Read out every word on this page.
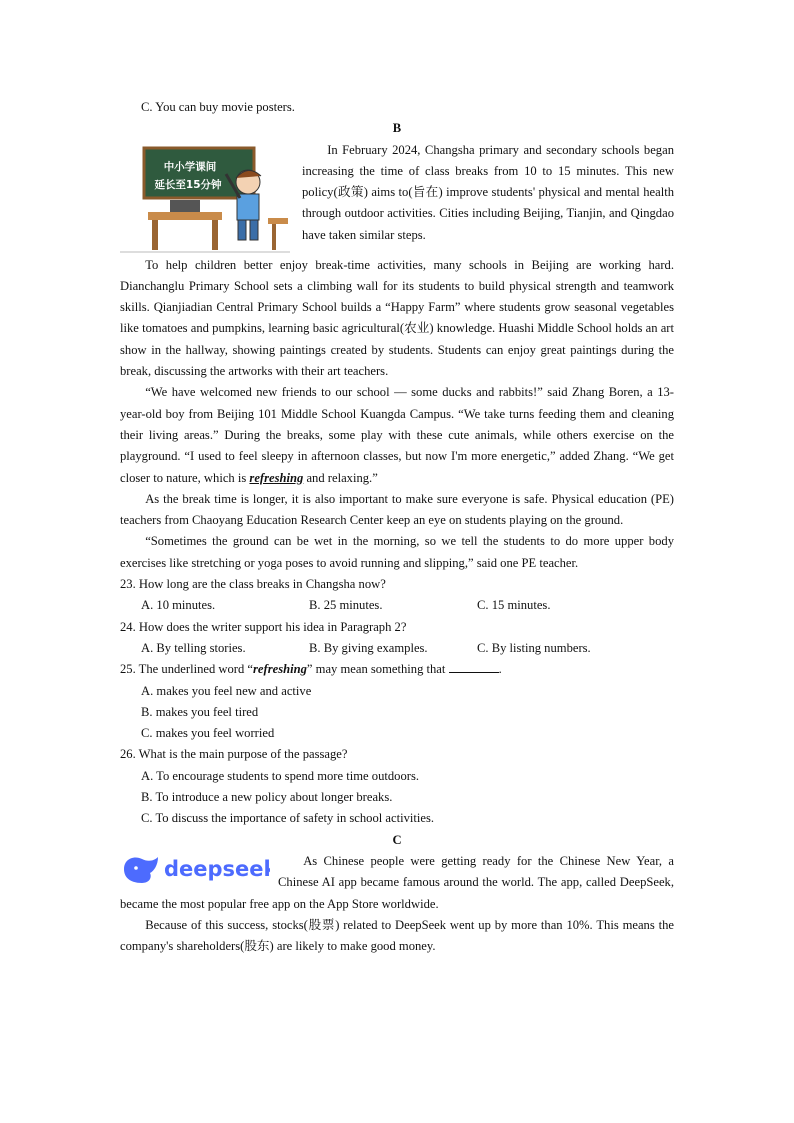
C. You can buy movie posters.

B

中小学课间
延长至15分钟

In February 2024, Changsha primary and secondary schools began increasing the time of class breaks from 10 to 15 minutes. This new policy(政策) aims to(旨在) improve students' physical and mental health through outdoor activities. Cities including Beijing, Tianjin, and Qingdao have taken similar steps.

To help children better enjoy break-time activities, many schools in Beijing are working hard. Dianchanglu Primary School sets a climbing wall for its students to build physical strength and teamwork skills. Qianjiadian Central Primary School builds a “Happy Farm” where students grow seasonal vegetables like tomatoes and pumpkins, learning basic agricultural(农业) knowledge. Huashi Middle School holds an art show in the hallway, showing paintings created by students. Students can enjoy great paintings during the break, discussing the artworks with their art teachers.

“We have welcomed new friends to our school — some ducks and rabbits!” said Zhang Boren, a 13-year-old boy from Beijing 101 Middle School Kuangda Campus. “We take turns feeding them and cleaning their living areas.” During the breaks, some play with these cute animals, while others exercise on the playground. “I used to feel sleepy in afternoon classes, but now I'm more energetic,” added Zhang. “We get closer to nature, which is refreshing and relaxing.”

As the break time is longer, it is also important to make sure everyone is safe. Physical education (PE) teachers from Chaoyang Education Research Center keep an eye on students playing on the ground.

“Sometimes the ground can be wet in the morning, so we tell the students to do more upper body exercises like stretching or yoga poses to avoid running and slipping,” said one PE teacher.

23. How long are the class breaks in Changsha now?

A. 10 minutes.	B. 25 minutes.	C. 15 minutes.

24. How does the writer support his idea in Paragraph 2?

A. By telling stories.	B. By giving examples.	C. By listing numbers.

25. The underlined word “refreshing” may mean something that	.

A. makes you feel new and active

B. makes you feel tired

C. makes you feel worried

26. What is the main purpose of the passage?

A. To encourage students to spend more time outdoors.

B. To introduce a new policy about longer breaks.

C. To discuss the importance of safety in school activities.

C

deepseek	As Chinese people were getting ready for the Chinese New Year, a Chinese AI app became famous around the world. The app, called DeepSeek, became the most popular free app on the App Store worldwide.

Because of this success, stocks(股票) related to DeepSeek went up by more than 10%. This means the company's shareholders(股东) are likely to make good money.
